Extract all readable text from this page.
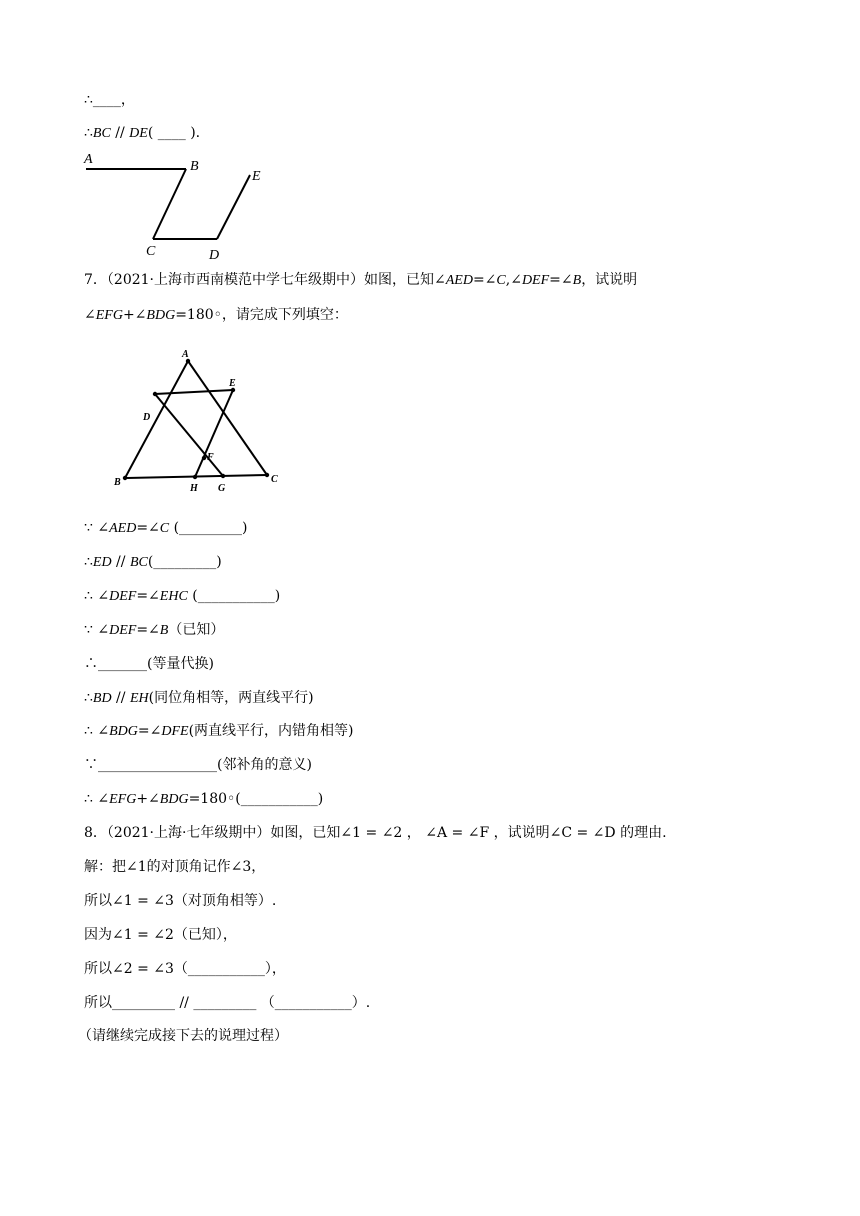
∴____，
∴BC // DE( ____ ).
A	B
C	D
E
7．（2021·上海市西南模范中学七年级期中）如图，已知∠AED=∠C,∠DEF=∠B，试说明
∠EFG+∠BDG=180◦，请完成下列填空：
A
B	C
D
E
F
G
H
∵ ∠AED=∠C (_________)
∴ED // BC(_________)
∴ ∠DEF=∠EHC (___________)
∵ ∠DEF=∠B（已知）
∴_______(等量代换)
∴BD // EH(同位角相等，两直线平行)
∴ ∠BDG=∠DFE(两直线平行，内错角相等)
∵_________________(邻补角的意义)
∴ ∠EFG+∠BDG=180◦(___________)
8．（2021·上海·七年级期中）如图，已知∠1 = ∠2 ， ∠A = ∠F ，试说明∠C = ∠D 的理由.
解：把∠1的对顶角记作∠3，
所以∠1 = ∠3（对顶角相等）.
因为∠1 = ∠2（已知），
所以∠2 = ∠3（___________），
所以_________ // _________ （___________）.
（请继续完成接下去的说理过程）
